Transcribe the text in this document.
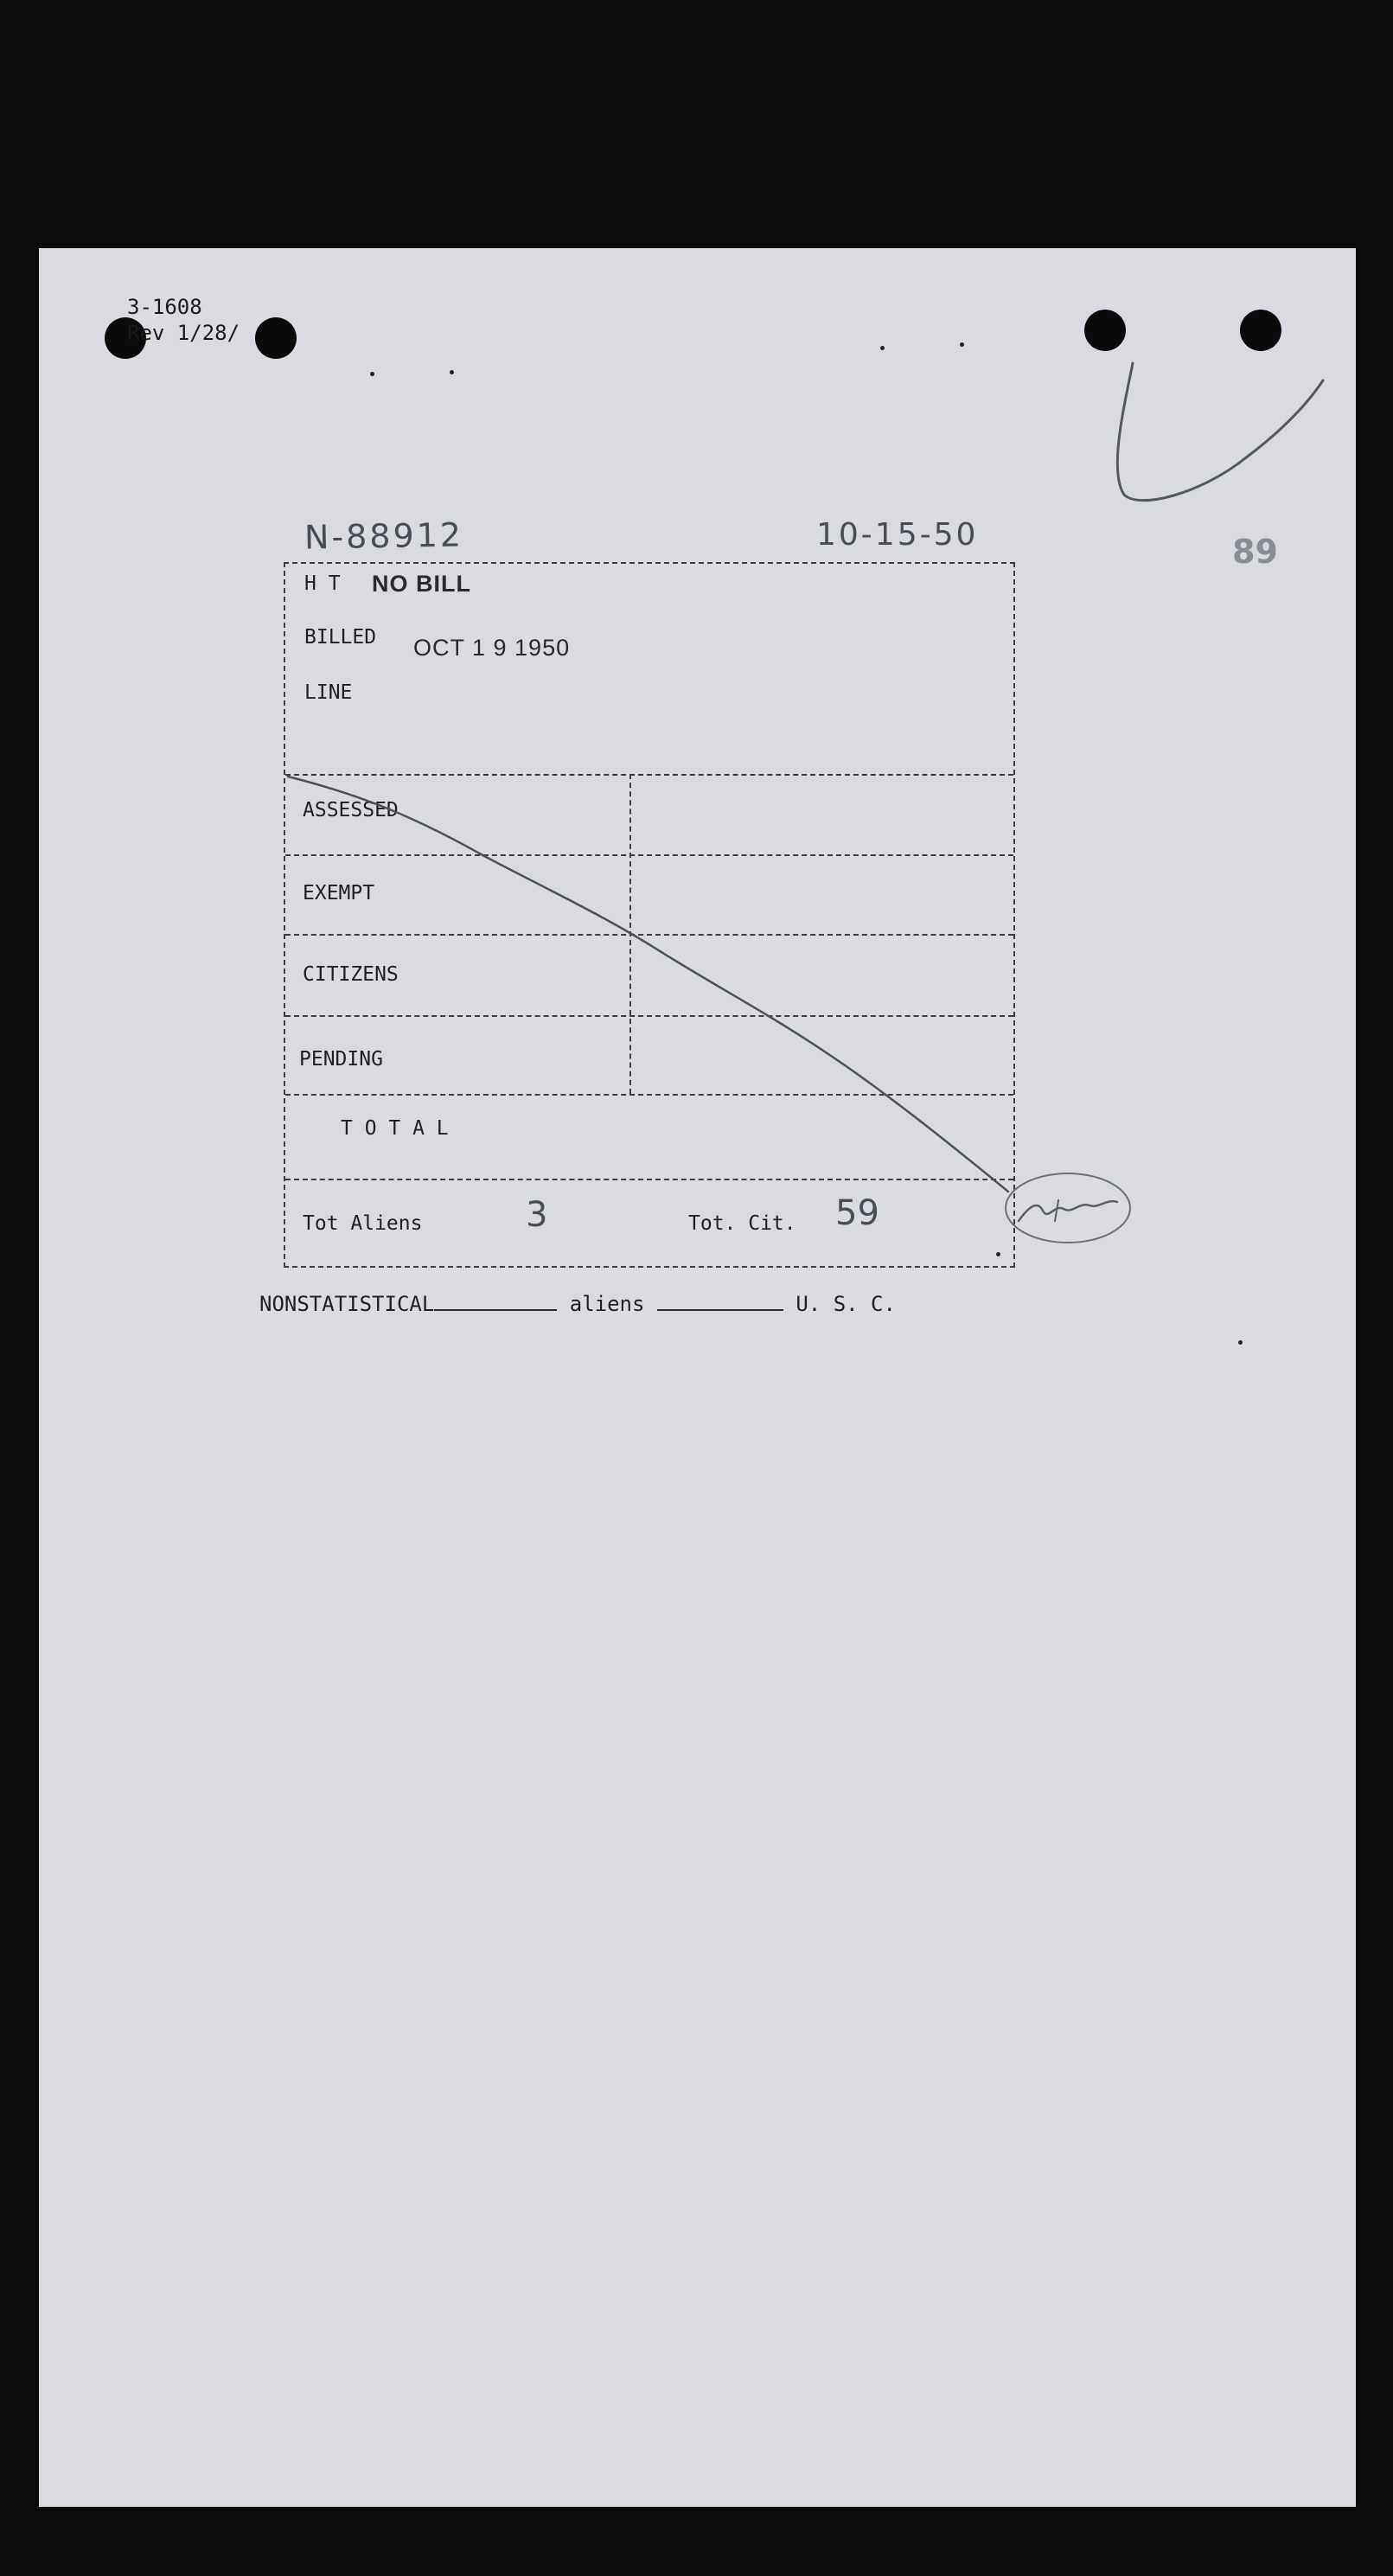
3-1608
Rev 1/28/
N-88912	10-15-50	89
H T NO BILL
BILLED OCT 1 9 1950
LINE
ASSESSED
EXEMPT
CITIZENS
PENDING
T O T A L
Tot Aliens	3	Tot. Cit. 59
NONSTATISTICAL	aliens	U. S. C.
